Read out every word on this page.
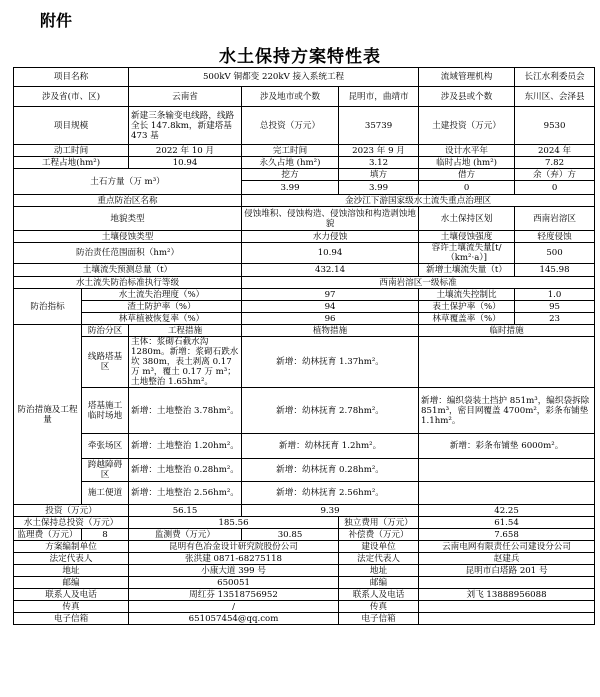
附件
水土保持方案特性表
项目名称		500kV 铜都变 220kV 接入系统工程			流域管理机构	长江水利委员会
涉及省(市、区)		云南省	涉及地市或个数	昆明市，曲靖市	涉及县或个数	东川区、会泽县
项目规模		新建三条输变电线路，线路全长 147.8km，新建塔基 473 基	总投资（万元）	35739	土建投资（万元）	9530
动工时间		2022 年 10 月	完工时间	2023 年 9 月	设计水平年	2024 年
工程占地(hm²)		10.94	永久占地 (hm²)	3.12	临时占地 (hm²)	7.82
土石方量（万 m³）			挖方	填方	借方	余（弃）方
			3.99	3.99	0	0
重点防治区名称			金沙江下游国家级水土流失重点治理区			
地貌类型			侵蚀堆积、侵蚀构造、侵蚀溶蚀和构造剥蚀地貌		水土保持区划	西南岩溶区
土壤侵蚀类型			水力侵蚀		土壤侵蚀强度	轻度侵蚀
防治责任范围面积（hm²）			10.94		容许土壤流失量[t/（km²·a）]	500
土壤流失预测总量（t）			432.14		新增土壤流失量（t）	145.98
水土流失防治标准执行等级			西南岩溶区一级标准			
防治指标	水土流失治理度（%）		97		土壤流失控制比	1.0
	渣土防护率（%）		94		表土保护率（%）	95
	林草植被恢复率（%）		96		林草覆盖率（%）	23
防治措施及工程量	防治分区	工程措施	植物措施		临时措施	
	线路塔基区	主体：浆砌石截水沟 1280m。新增：浆砌石跌水坎 380m，表土剥离 0.17 万 m³，覆土 0.17 万 m³；土地整治 1.65hm²。	新增：幼林抚育 1.37hm²。			
	塔基施工临时场地	新增：土地整治 3.78hm²。	新增：幼林抚育 2.78hm²。		新增：编织袋装土挡护 851m³，编织袋拆除 851m³，密目网覆盖 4700m²，彩条布铺垫 1.1hm²。	
	牵张场区	新增：土地整治 1.20hm²。	新增：幼林抚育 1.2hm²。		新增：彩条布铺垫 6000m²。	
	跨越障碍区	新增：土地整治 0.28hm²。	新增：幼林抚育 0.28hm²。			
	施工便道	新增：土地整治 2.56hm²。	新增：幼林抚育 2.56hm²。			
投资（万元）		56.15	9.39		42.25	
水土保持总投资（万元）		185.56		独立费用（万元）	61.54	
监理费（万元）	8	监测费（万元）	30.85	补偿费（万元）	7.658	
方案编制单位		昆明有色冶金设计研究院股份公司		建设单位	云南电网有限责任公司建设分公司	
法定代表人		张洪建 0871-68275118		法定代表人	赵建兵	
地址		小康大道 399 号		地址	昆明市白塔路 201 号	
邮编		650051		邮编		
联系人及电话		周红芬 13518756952		联系人及电话	刘飞 13888956088	
传真		/		传真		
电子信箱		651057454@qq.com		电子信箱		
